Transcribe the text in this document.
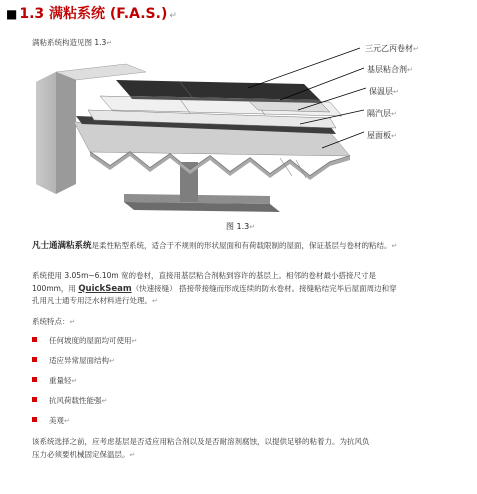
■ 1.3 满粘系统 (F.A.S.) ↵
满粘系统构造见图 1.3↵
三元乙丙卷材↵
基层粘合剂↵
保温层↵
隔汽层↵
屋面板↵
图 1.3↵
凡士通满粘系统是柔性粘型系统，适合于不规则的形状屋面和有荷载限制的屋面，保证基层与卷材的粘结。↵
系统使用 3.05m~6.10m 宽的卷材，直接用基层粘合剂粘到容许的基层上。相邻的卷材最小搭接尺寸是
100mm，用 QuickSeam（快速接缝） 搭接带接缝而形成连续的防水卷材。接缝粘结完毕后屋面周边和穿
孔用凡士通专用泛水材料进行处理。↵
系统特点：↵
任何坡度的屋面均可使用↵
适应异常屋面结构↵
重量轻↵
抗风荷载性能强↵
美观↵
该系统选择之前，应考虑基层是否适应用粘合剂以及是否耐溶剂腐蚀，以提供足够的粘着力。为抗风负
压力必须要机械固定保温层。↵
